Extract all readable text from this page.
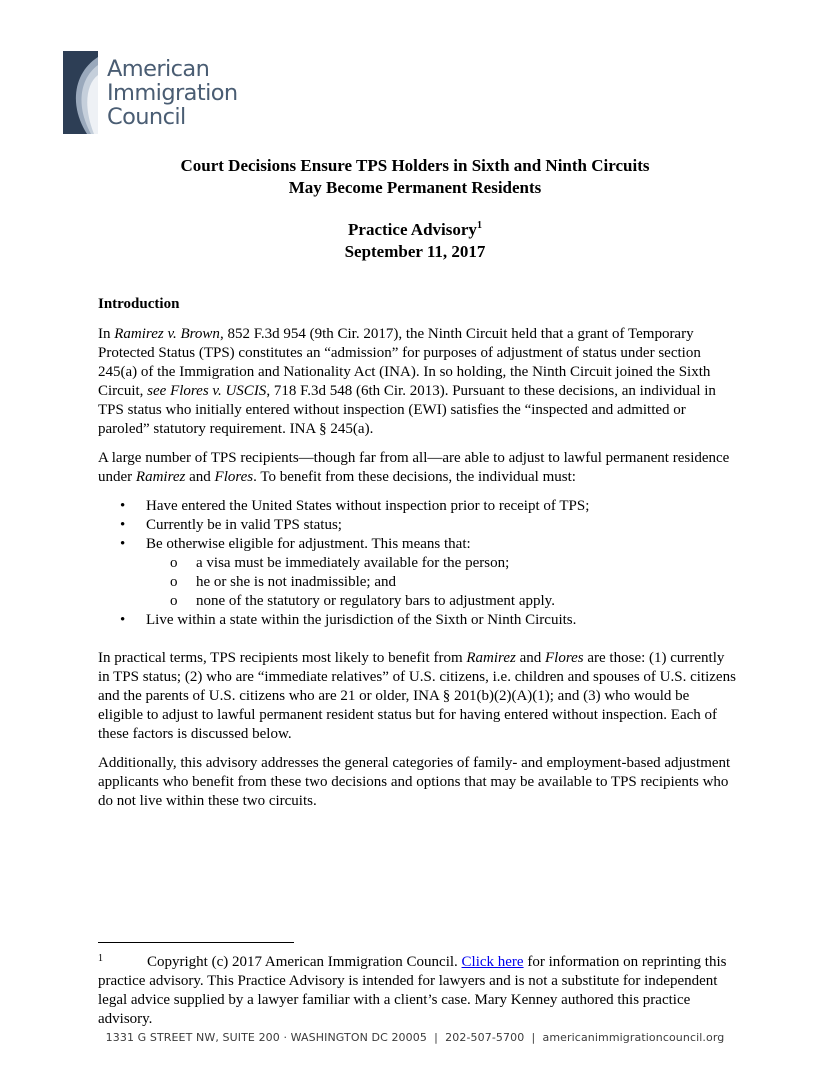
American
Immigration
Council
Court Decisions Ensure TPS Holders in Sixth and Ninth Circuits
May Become Permanent Residents
Practice Advisory$^1$
September 11, 2017

Introduction

In Ramirez v. Brown, 852 F.3d 954 (9th Cir. 2017), the Ninth Circuit held that a grant of Temporary Protected Status (TPS) constitutes an “admission” for purposes of adjustment of status under section 245(a) of the Immigration and Nationality Act (INA). In so holding, the Ninth Circuit joined the Sixth Circuit, see Flores v. USCIS, 718 F.3d 548 (6th Cir. 2013). Pursuant to these decisions, an individual in TPS status who initially entered without inspection (EWI) satisfies the “inspected and admitted or paroled” statutory requirement. INA § 245(a).

A large number of TPS recipients—though far from all—are able to adjust to lawful permanent residence under Ramirez and Flores. To benefit from these decisions, the individual must:

• Have entered the United States without inspection prior to receipt of TPS;
• Currently be in valid TPS status;
• Be otherwise eligible for adjustment. This means that:
o a visa must be immediately available for the person;
o he or she is not inadmissible; and
o none of the statutory or regulatory bars to adjustment apply.
• Live within a state within the jurisdiction of the Sixth or Ninth Circuits.

In practical terms, TPS recipients most likely to benefit from Ramirez and Flores are those: (1) currently in TPS status; (2) who are “immediate relatives” of U.S. citizens, i.e. children and spouses of U.S. citizens and the parents of U.S. citizens who are 21 or older, INA § 201(b)(2)(A)(1); and (3) who would be eligible to adjust to lawful permanent resident status but for having entered without inspection. Each of these factors is discussed below.

Additionally, this advisory addresses the general categories of family- and employment-based adjustment applicants who benefit from these two decisions and options that may be available to TPS recipients who do not live within these two circuits.

$^1$	Copyright (c) 2017 American Immigration Council. Click here for information on reprinting this practice advisory. This Practice Advisory is intended for lawyers and is not a substitute for independent legal advice supplied by a lawyer familiar with a client’s case. Mary Kenney authored this practice advisory.
1331 G STREET NW, SUITE 200 · WASHINGTON DC 20005  |  202-507-5700  |  americanimmigrationcouncil.org
